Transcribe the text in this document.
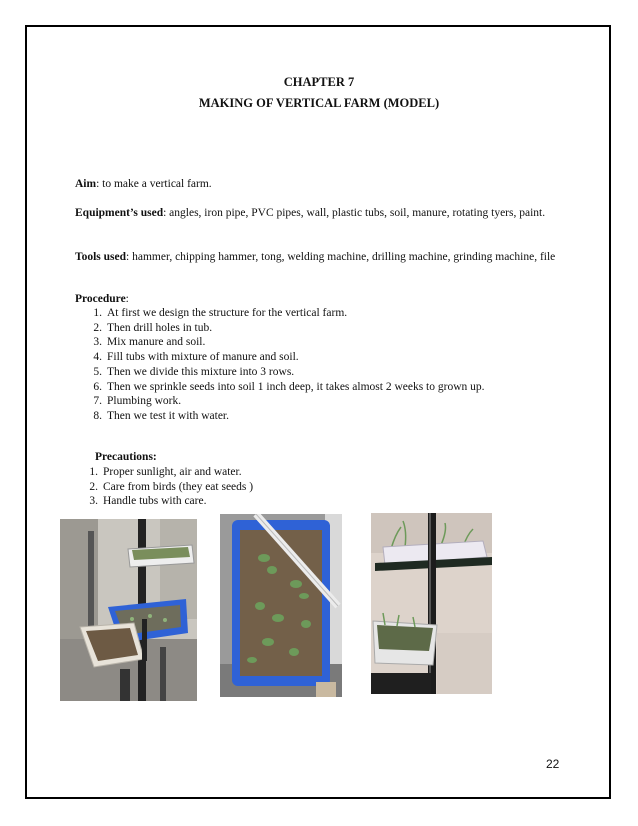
CHAPTER 7
MAKING OF VERTICAL FARM (MODEL)
Aim: to make a vertical farm.
Equipment’s used: angles, iron pipe, PVC pipes, wall, plastic tubs, soil, manure, rotating tyers, paint.
Tools used: hammer, chipping hammer, tong, welding machine, drilling machine, grinding machine, file
Procedure:
1. At first we design the structure for the vertical farm.
2. Then drill holes in tub.
3. Mix manure and soil.
4. Fill tubs with mixture of manure and soil.
5. Then we divide this mixture into 3 rows.
6. Then we sprinkle seeds into soil 1 inch deep, it takes almost 2 weeks to grown up.
7. Plumbing work.
8. Then we test it with water.
Precautions:
1. Proper sunlight, air and water.
2. Care from birds (they eat seeds )
3. Handle tubs with care.
22
